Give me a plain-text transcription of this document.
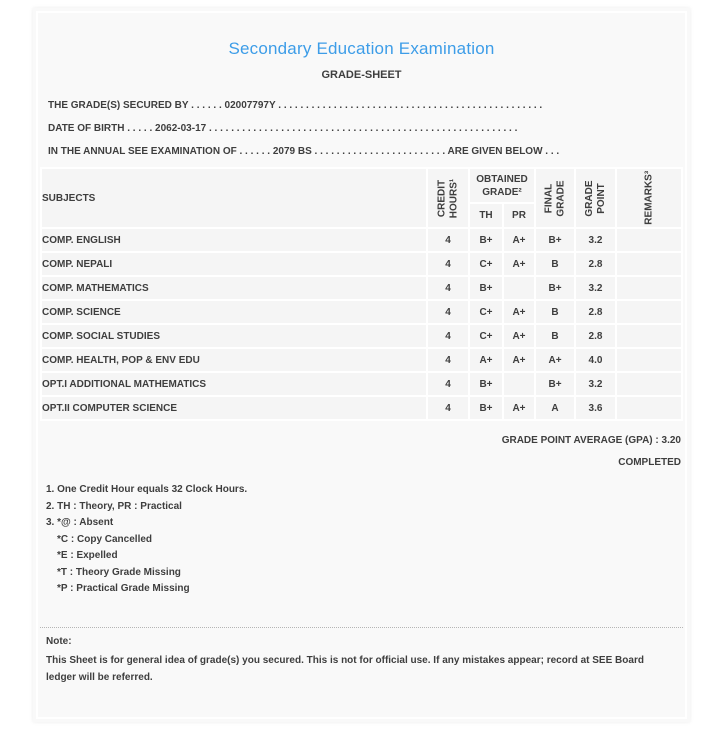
Secondary Education Examination
GRADE-SHEET
THE GRADE(S) SECURED BY . . . . . . 02007797Y . . . . . . . . . . . . . . . . . . . . . . . . . . . . . . . . . . . . . . . . . . . . . . . .
DATE OF BIRTH . . . . . 2062-03-17 . . . . . . . . . . . . . . . . . . . . . . . . . . . . . . . . . . . . . . . . . . . . . . . . . . . . . . . .
IN THE ANNUAL SEE EXAMINATION OF . . . . . . 2079 BS . . . . . . . . . . . . . . . . . . . . . . . . ARE GIVEN BELOW . . .
SUBJECTS	CREDIT HOURS¹	OBTAINED GRADE²		FINAL GRADE	GRADE POINT	REMARKS³

		TH	PR			
COMP. ENGLISH	4	B+	A+	B+	3.2	
COMP. NEPALI	4	C+	A+	B	2.8	
COMP. MATHEMATICS	4	B+		B+	3.2	
COMP. SCIENCE	4	C+	A+	B	2.8	
COMP. SOCIAL STUDIES	4	C+	A+	B	2.8	
COMP. HEALTH, POP & ENV EDU	4	A+	A+	A+	4.0	
OPT.I ADDITIONAL MATHEMATICS	4	B+		B+	3.2	
OPT.II COMPUTER SCIENCE	4	B+	A+	A	3.6	
GRADE POINT AVERAGE (GPA) : 3.20
COMPLETED
1. One Credit Hour equals 32 Clock Hours.
2. TH : Theory, PR : Practical
3. *@ : Absent
*C : Copy Cancelled
*E : Expelled
*T : Theory Grade Missing
*P : Practical Grade Missing
Note:
This Sheet is for general idea of grade(s) you secured. This is not for official use. If any mistakes appear; record at SEE Board ledger will be referred.
